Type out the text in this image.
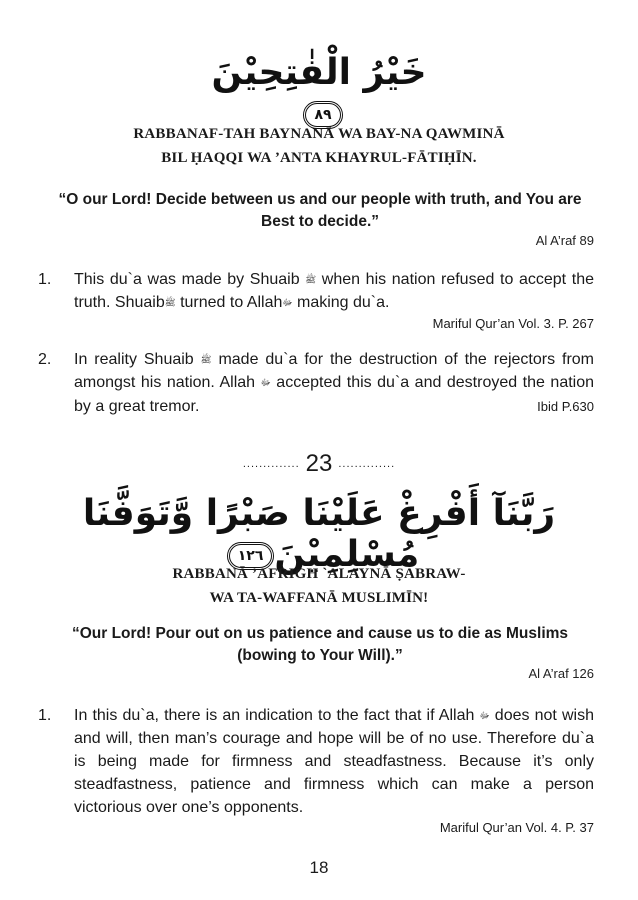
خَيْرُ الْفٰتِحِيْنَ٨٩
RABBANAF-TAH BAYNANĀ WA BAY-NA QAWMINĀ
BIL ḤAQQI WA ’ANTA KHAYRUL-FĀTIḤĪN.
“O our Lord! Decide between us and our people with truth, and You are Best to decide.”
Al A’raf 89
1. This du`a was made by Shuaib ﷺ when his nation refused to accept the truth. Shuaibﷺ turned to Allahﷻ making du`a.
Mariful Qur’an Vol. 3. P. 267
2. In reality Shuaib ﷺ made du`a for the destruction of the rejectors from amongst his nation. Allah ﷻ accepted this du`a and destroyed the nation by a great tremor.	Ibid P.630
.............. 23 ..............
رَبَّنَآ أَفْرِغْ عَلَيْنَا صَبْرًا وَّتَوَفَّنَا مُسْلِمِيْنَ١٢٦
RABBANĀ ’AFRIGH `ALAYNĀ ṢABRAW-
WA TA-WAFFANĀ MUSLIMĪN!
“Our Lord! Pour out on us patience and cause us to die as Muslims (bowing to Your Will).”
Al A’raf 126
1. In this du`a, there is an indication to the fact that if Allah ﷻ does not wish and will, then man’s courage and hope will be of no use. Therefore du`a is being made for firmness and steadfastness. Because it’s only steadfastness, patience and firmness which can make a person victorious over one’s opponents.
Mariful Qur’an Vol. 4. P. 37
18
